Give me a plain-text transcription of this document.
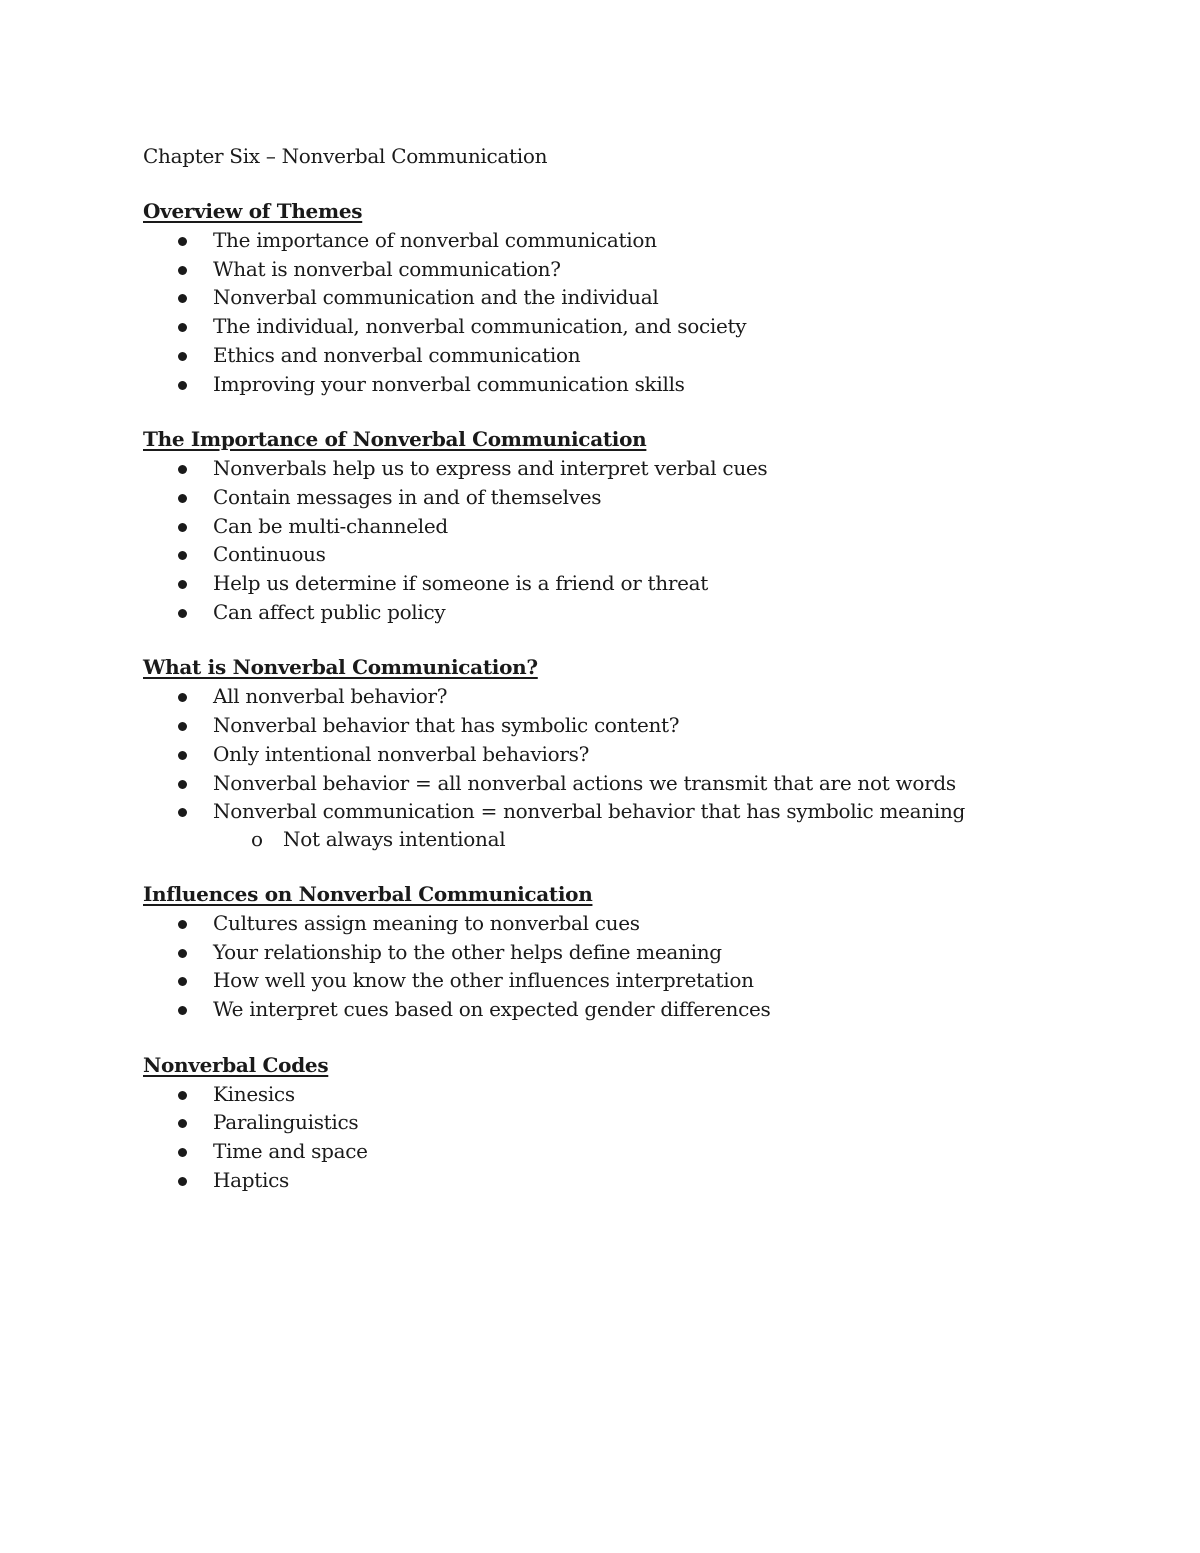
Chapter Six – Nonverbal Communication

Overview of Themes

The importance of nonverbal communication
What is nonverbal communication?
Nonverbal communication and the individual
The individual, nonverbal communication, and society
Ethics and nonverbal communication
Improving your nonverbal communication skills

The Importance of Nonverbal Communication

Nonverbals help us to express and interpret verbal cues
Contain messages in and of themselves
Can be multi-channeled
Continuous
Help us determine if someone is a friend or threat
Can affect public policy

What is Nonverbal Communication?

All nonverbal behavior?
Nonverbal behavior that has symbolic content?
Only intentional nonverbal behaviors?
Nonverbal behavior = all nonverbal actions we transmit that are not words
Nonverbal communication = nonverbal behavior that has symbolic meaning
o Not always intentional

Influences on Nonverbal Communication

Cultures assign meaning to nonverbal cues
Your relationship to the other helps define meaning
How well you know the other influences interpretation
We interpret cues based on expected gender differences

Nonverbal Codes

Kinesics
Paralinguistics
Time and space
Haptics
